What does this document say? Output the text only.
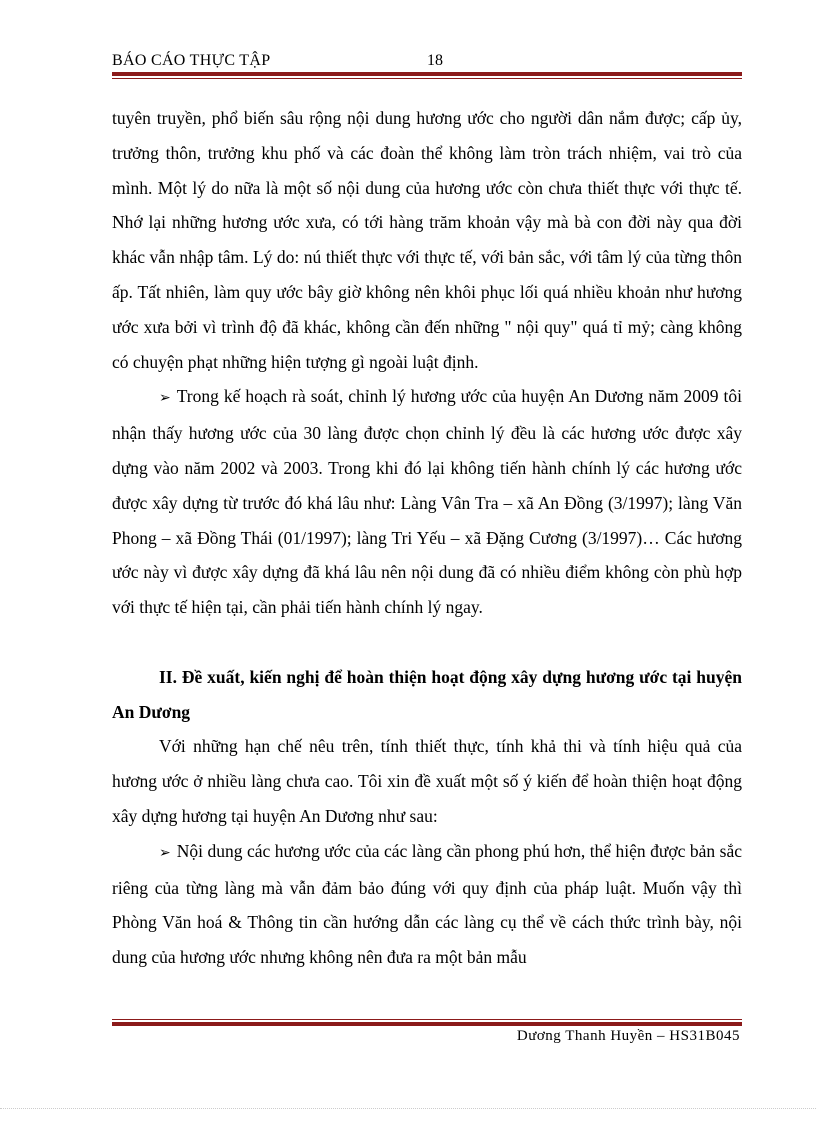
BÁO CÁO THỰC TẬP	18

tuyên truyền, phổ biến sâu rộng nội dung hương ước cho người dân nắm được; cấp ủy, trưởng thôn, trưởng khu phố và các đoàn thể không làm tròn trách nhiệm, vai trò của mình. Một lý do nữa là một số nội dung của hương ước còn chưa thiết thực với thực tế. Nhớ lại những hương ước xưa, có tới hàng trăm khoản vậy mà bà con đời này qua đời khác vẫn nhập tâm. Lý do: nú thiết thực với thực tế, với bản sắc, với tâm lý của từng thôn ấp. Tất nhiên, làm quy ước bây giờ không nên khôi phục lối quá nhiều khoản như hương ước xưa bởi vì trình độ đã khác, không cần đến những " nội quy" quá tỉ mỷ; càng không có chuyện phạt những hiện tượng gì ngoài luật định.

➢ Trong kế hoạch rà soát, chỉnh lý hương ước của huyện An Dương năm 2009 tôi nhận thấy hương ước của 30 làng được chọn chỉnh lý đều là các hương ước được xây dựng vào năm 2002 và 2003. Trong khi đó lại không tiến hành chính lý các hương ước được xây dựng từ trước đó khá lâu như: Làng Vân Tra – xã An Đồng (3/1997); làng Văn Phong – xã Đồng Thái (01/1997); làng Tri Yếu – xã Đặng Cương (3/1997)… Các hương ước này vì được xây dựng đã khá lâu nên nội dung đã có nhiều điểm không còn phù hợp với thực tế hiện tại, cần phải tiến hành chính lý ngay.

II. Đề xuất, kiến nghị để hoàn thiện hoạt động xây dựng hương ước tại huyện An Dương

Với những hạn chế nêu trên, tính thiết thực, tính khả thi và tính hiệu quả của hương ước ở nhiều làng chưa cao. Tôi xin đề xuất một số ý kiến để hoàn thiện hoạt động xây dựng hương tại huyện An Dương như sau:

➢ Nội dung các hương ước của các làng cần phong phú hơn, thể hiện được bản sắc riêng của từng làng mà vẫn đảm bảo đúng với quy định của pháp luật. Muốn vậy thì Phòng Văn hoá & Thông tin cần hướng dẫn các làng cụ thể về cách thức trình bày, nội dung của hương ước nhưng không nên đưa ra một bản mẫu

Dương Thanh Huyền – HS31B045
